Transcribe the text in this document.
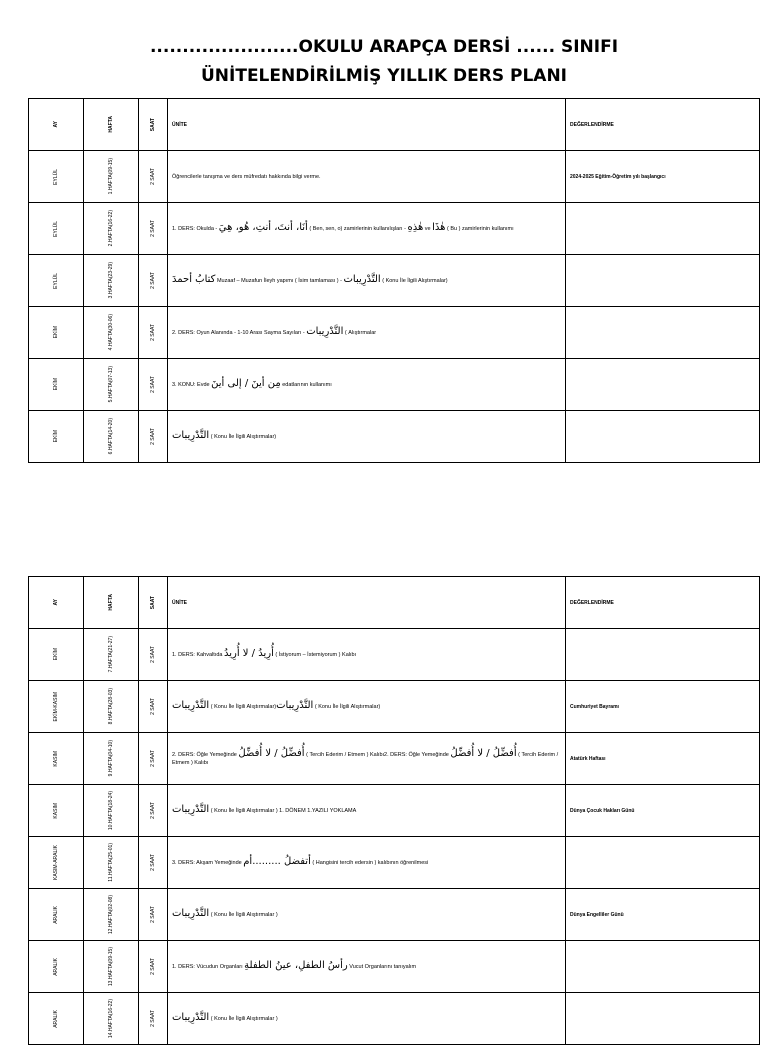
.......................OKULU ARAPÇA DERSİ ...... SINIFI
ÜNİTELENDİRİLMİŞ YILLIK DERS PLANI
AY	HAFTA	SAAT	ÜNİTE	DEĞERLENDİRME

EYLÜL	1.HAFTA(09-15)	2 SAAT	Öğrencilerle tanışma ve ders müfredatı hakkında bilgi verme.	2024-2025 Eğitim-Öğretim yılı başlangıcı

EYLÜL	2.HAFTA(16-22)	2 SAAT	1. DERS: Okulda - أنَا، أنتَ، أنتِ، هُو، هِيَ ( Ben, sen, o) zamirlerinin kullanılışları - هٰذِهِ ve هٰذَا ( Bu ) zamirlerinin kullanımı	

EYLÜL	3.HAFTA(23-29)	2 SAAT	كتابُ أحمدَ Muzaaf – Muzafun İleyh yapımı ( İsim tamlaması ) - التَّدْرِيبات ( Konu İle İlgili Alıştırmalar)	

EKİM	4.HAFTA(30-06)	2 SAAT	2. DERS: Oyun Alanında - 1-10 Arası Sayma Sayıları - التَّدْرِيبات ( Alıştırmalar	

EKİM	5.HAFTA(07-13)	2 SAAT	3. KONU: Evde مِن أينَ / إلى أينَ edatlarının kullanımı	

EKİM	6.HAFTA(14-20)	2 SAAT	التَّدْرِيبات ( Konu İle İlgili Alıştırmalar)	
AY	HAFTA	SAAT	ÜNİTE	DEĞERLENDİRME

EKİM	7.HAFTA(21-27)	2 SAAT	1. DERS: Kahvaltıda أُرِيدُ / لا أُرِيدُ ( İstiyorum – İstemiyorum ) Kalıbı	

EKİM-KASIM	8.HAFTA(28-03)	2 SAAT	التَّدْرِيبات ( Konu İle İlgili Alıştırmalar)التَّدْرِيبات ( Konu İle İlgili Alıştırmalar)	Cumhuriyet Bayramı

KASIM	9.HAFTA(04-10)	2 SAAT	2. DERS: Öğle Yemeğinde أُفضِّلُ / لا أُفضِّلُ ( Tercih Ederim / Etmem ) Kalıbı2. DERS: Öğle Yemeğinde أُفضِّلُ / لا أُفضِّلُ ( Tercih Ederim / Etmem ) Kalıbı	Atatürk Haftası

KASIM	10.HAFTA(18-24)	2 SAAT	التَّدْرِيبات ( Konu İle İlgili Alıştırmalar ) 1. DÖNEM 1.YAZILI YOKLAMA	Dünya Çocuk Hakları Günü

KASIM-ARALIK	11.HAFTA(25-01)	2 SAAT	3. DERS: Akşam Yemeğinde أتفضلُ .........أم ( Hangisini tercih edersin ) kalıbının öğrenilmesi	

ARALIK	12.HAFTA(02-08)	2 SAAT	التَّدْرِيبات ( Konu İle İlgili Alıştırmalar )	Dünya Engelliler Günü

ARALIK	13.HAFTA(09-15)	2 SAAT	1. DERS: Vücudun Organları رأسُ الطفلِ، عينُ الطفلةِ Vucut Organlarını tanıyalım	

ARALIK	14.HAFTA(16-22)	2 SAAT	التَّدْرِيبات ( Konu İle İlgili Alıştırmalar )	
